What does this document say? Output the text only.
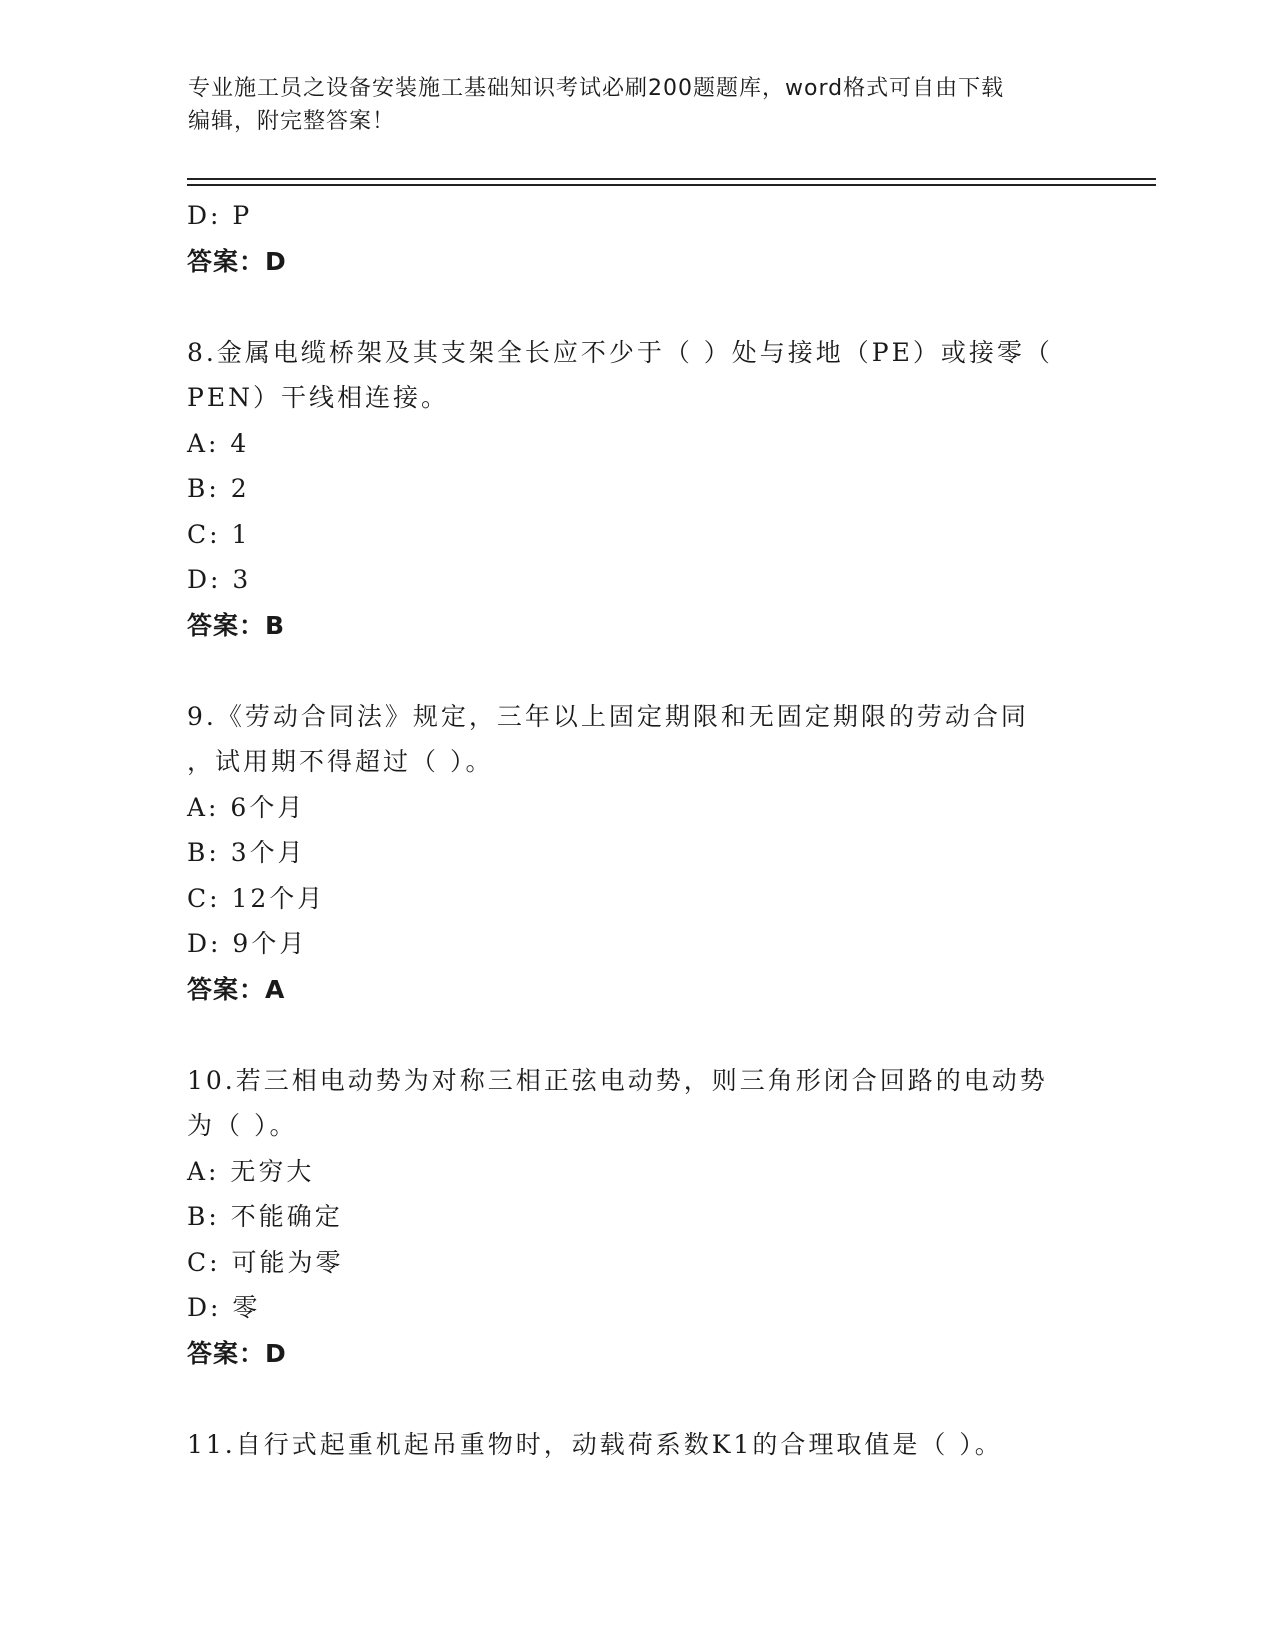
专业施工员之设备安装施工基础知识考试必刷200题题库，word格式可自由下载
编辑，附完整答案！
D: P
答案：D
8.金属电缆桥架及其支架全长应不少于（ ）处与接地（PE）或接零（
PEN）干线相连接。
A: 4
B: 2
C: 1
D: 3
答案：B
9.《劳动合同法》规定，三年以上固定期限和无固定期限的劳动合同
，试用期不得超过（ ）。
A: 6个月
B: 3个月
C: 12个月
D: 9个月
答案：A
10.若三相电动势为对称三相正弦电动势，则三角形闭合回路的电动势
为（ ）。
A: 无穷大
B: 不能确定
C: 可能为零
D: 零
答案：D
11.自行式起重机起吊重物时，动载荷系数K1的合理取值是（ ）。
